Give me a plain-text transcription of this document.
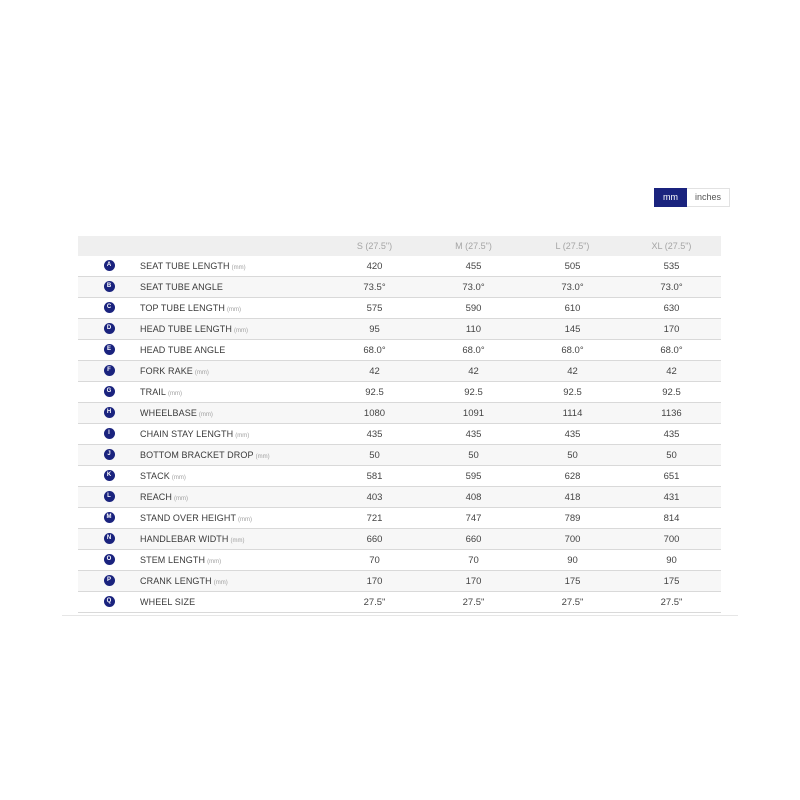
mm	inches
		S (27.5")	M (27.5")	L (27.5")	XL (27.5")
A	SEAT TUBE LENGTH (mm)	420	455	505	535
B	SEAT TUBE ANGLE	73.5°	73.0°	73.0°	73.0°
C	TOP TUBE LENGTH (mm)	575	590	610	630
D	HEAD TUBE LENGTH (mm)	95	110	145	170
E	HEAD TUBE ANGLE	68.0°	68.0°	68.0°	68.0°
F	FORK RAKE (mm)	42	42	42	42
G	TRAIL (mm)	92.5	92.5	92.5	92.5
H	WHEELBASE (mm)	1080	1091	1114	1136
I	CHAIN STAY LENGTH (mm)	435	435	435	435
J	BOTTOM BRACKET DROP (mm)	50	50	50	50
K	STACK (mm)	581	595	628	651
L	REACH (mm)	403	408	418	431
M	STAND OVER HEIGHT (mm)	721	747	789	814
N	HANDLEBAR WIDTH (mm)	660	660	700	700
O	STEM LENGTH (mm)	70	70	90	90
P	CRANK LENGTH (mm)	170	170	175	175
Q	WHEEL SIZE	27.5"	27.5"	27.5"	27.5"
